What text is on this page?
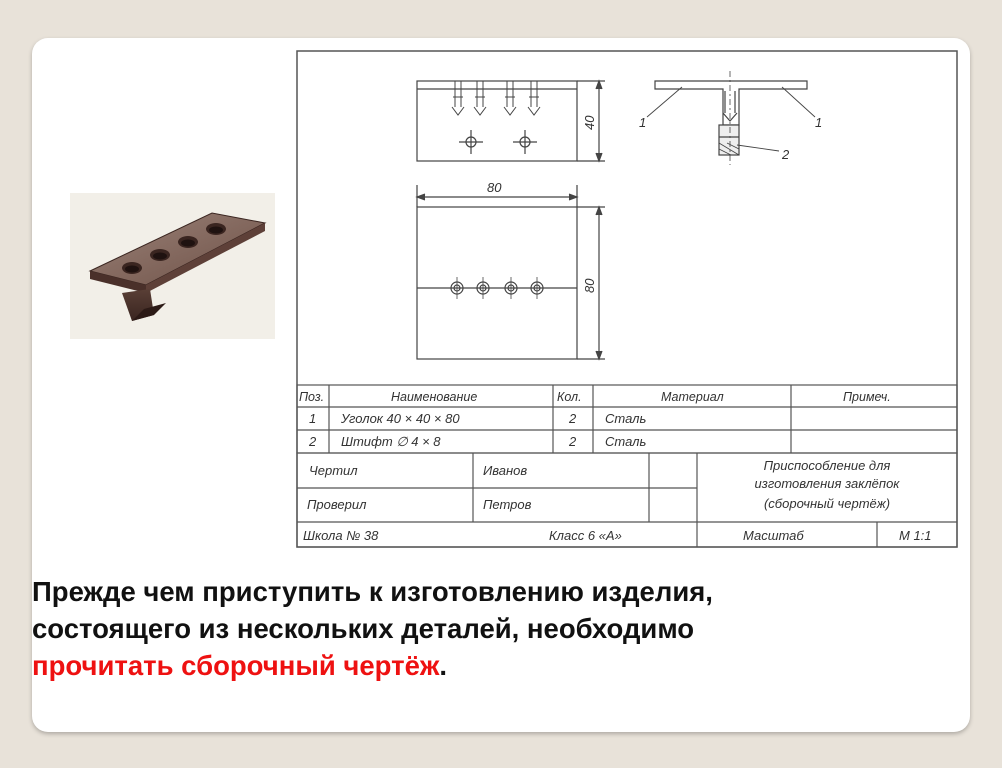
40	1	1
2
80
80
Поз.	Наименование	Кол.	Материал	Примеч.
1 Уголок 40 × 40 × 80	2 Сталь
2 Штифт ∅ 4 × 8	2 Сталь
Чертил	Иванов
Проверил	Петров
Приспособление для
изготовления заклёпок
(сборочный чертёж)
Школа № 38	Класс 6 «А»	Масштаб	М 1:1
Прежде чем приступить к изготовлению изделия,
состоящего из нескольких деталей, необходимо
прочитать сборочный чертёж.
